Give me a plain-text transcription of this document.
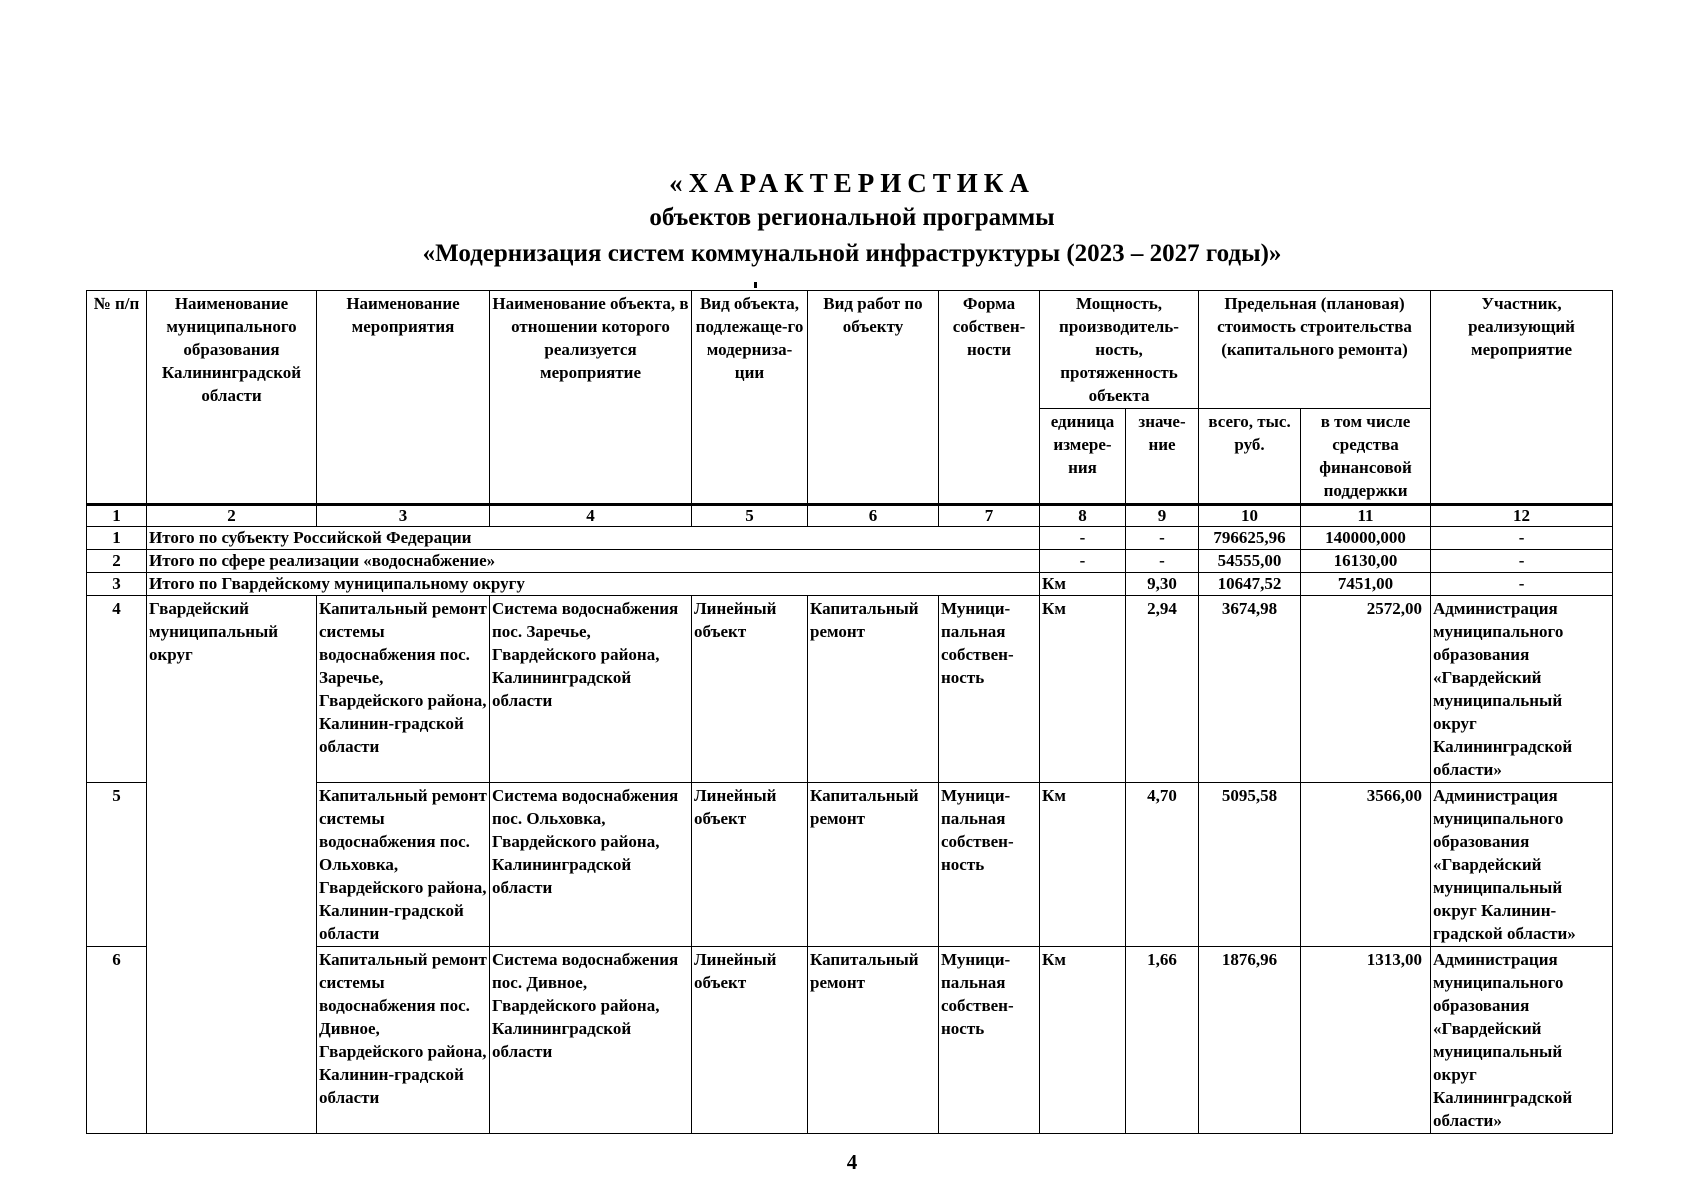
«ХАРАКТЕРИСТИКА
объектов региональной программы
«Модернизация систем коммунальной инфраструктуры (2023 – 2027 годы)»
№ п/п	Наименование муниципального образования Калининградской области	Наименование мероприятия	Наименование объекта, в отношении которого реализуется мероприятие	Вид объекта, подлежаще-го модерниза-ции	Вид работ по объекту	Форма собствен-ности	Мощность, производитель-ность, протяженность объекта		Предельная (плановая) стоимость строительства (капитального ремонта)		Участник, реализующий мероприятие
							единица измере-ния	значе-ние	всего, тыс. руб.	в том числе средства финансовой поддержки	
1	2	3	4	5	6	7	8	9	10	11	12
1	Итого по субъекту Российской Федерации						-	-	796625,96	140000,000	-
2	Итого по сфере реализации «водоснабжение»						-	-	54555,00	16130,00	-
3	Итого по Гвардейскому муниципальному округу						Км	9,30	10647,52	7451,00	-
4	Гвардейский муниципальный округ	Капитальный ремонт системы водоснабжения пос. Заречье, Гвардейского района, Калинин-градской области	Система водоснабжения пос. Заречье, Гвардейского района, Калининградской области	Линейный объект	Капитальный ремонт	Муници-пальная собствен-ность	Км	2,94	3674,98	2572,00	Администрация муниципального образования «Гвардейский муниципальный округ Калининградской области»
5		Капитальный ремонт системы водоснабжения пос. Ольховка, Гвардейского района, Калинин-градской области	Система водоснабжения пос. Ольховка, Гвардейского района, Калининградской области	Линейный объект	Капитальный ремонт	Муници-пальная собствен-ность	Км	4,70	5095,58	3566,00	Администрация муниципального образования «Гвардейский муниципальный округ Калинин-градской области»
6		Капитальный ремонт системы водоснабжения пос. Дивное, Гвардейского района, Калинин-градской области	Система водоснабжения пос. Дивное, Гвардейского района, Калининградской области	Линейный объект	Капитальный ремонт	Муници-пальная собствен-ность	Км	1,66	1876,96	1313,00	Администрация муниципального образования «Гвардейский муниципальный округ Калининградской области»
4
